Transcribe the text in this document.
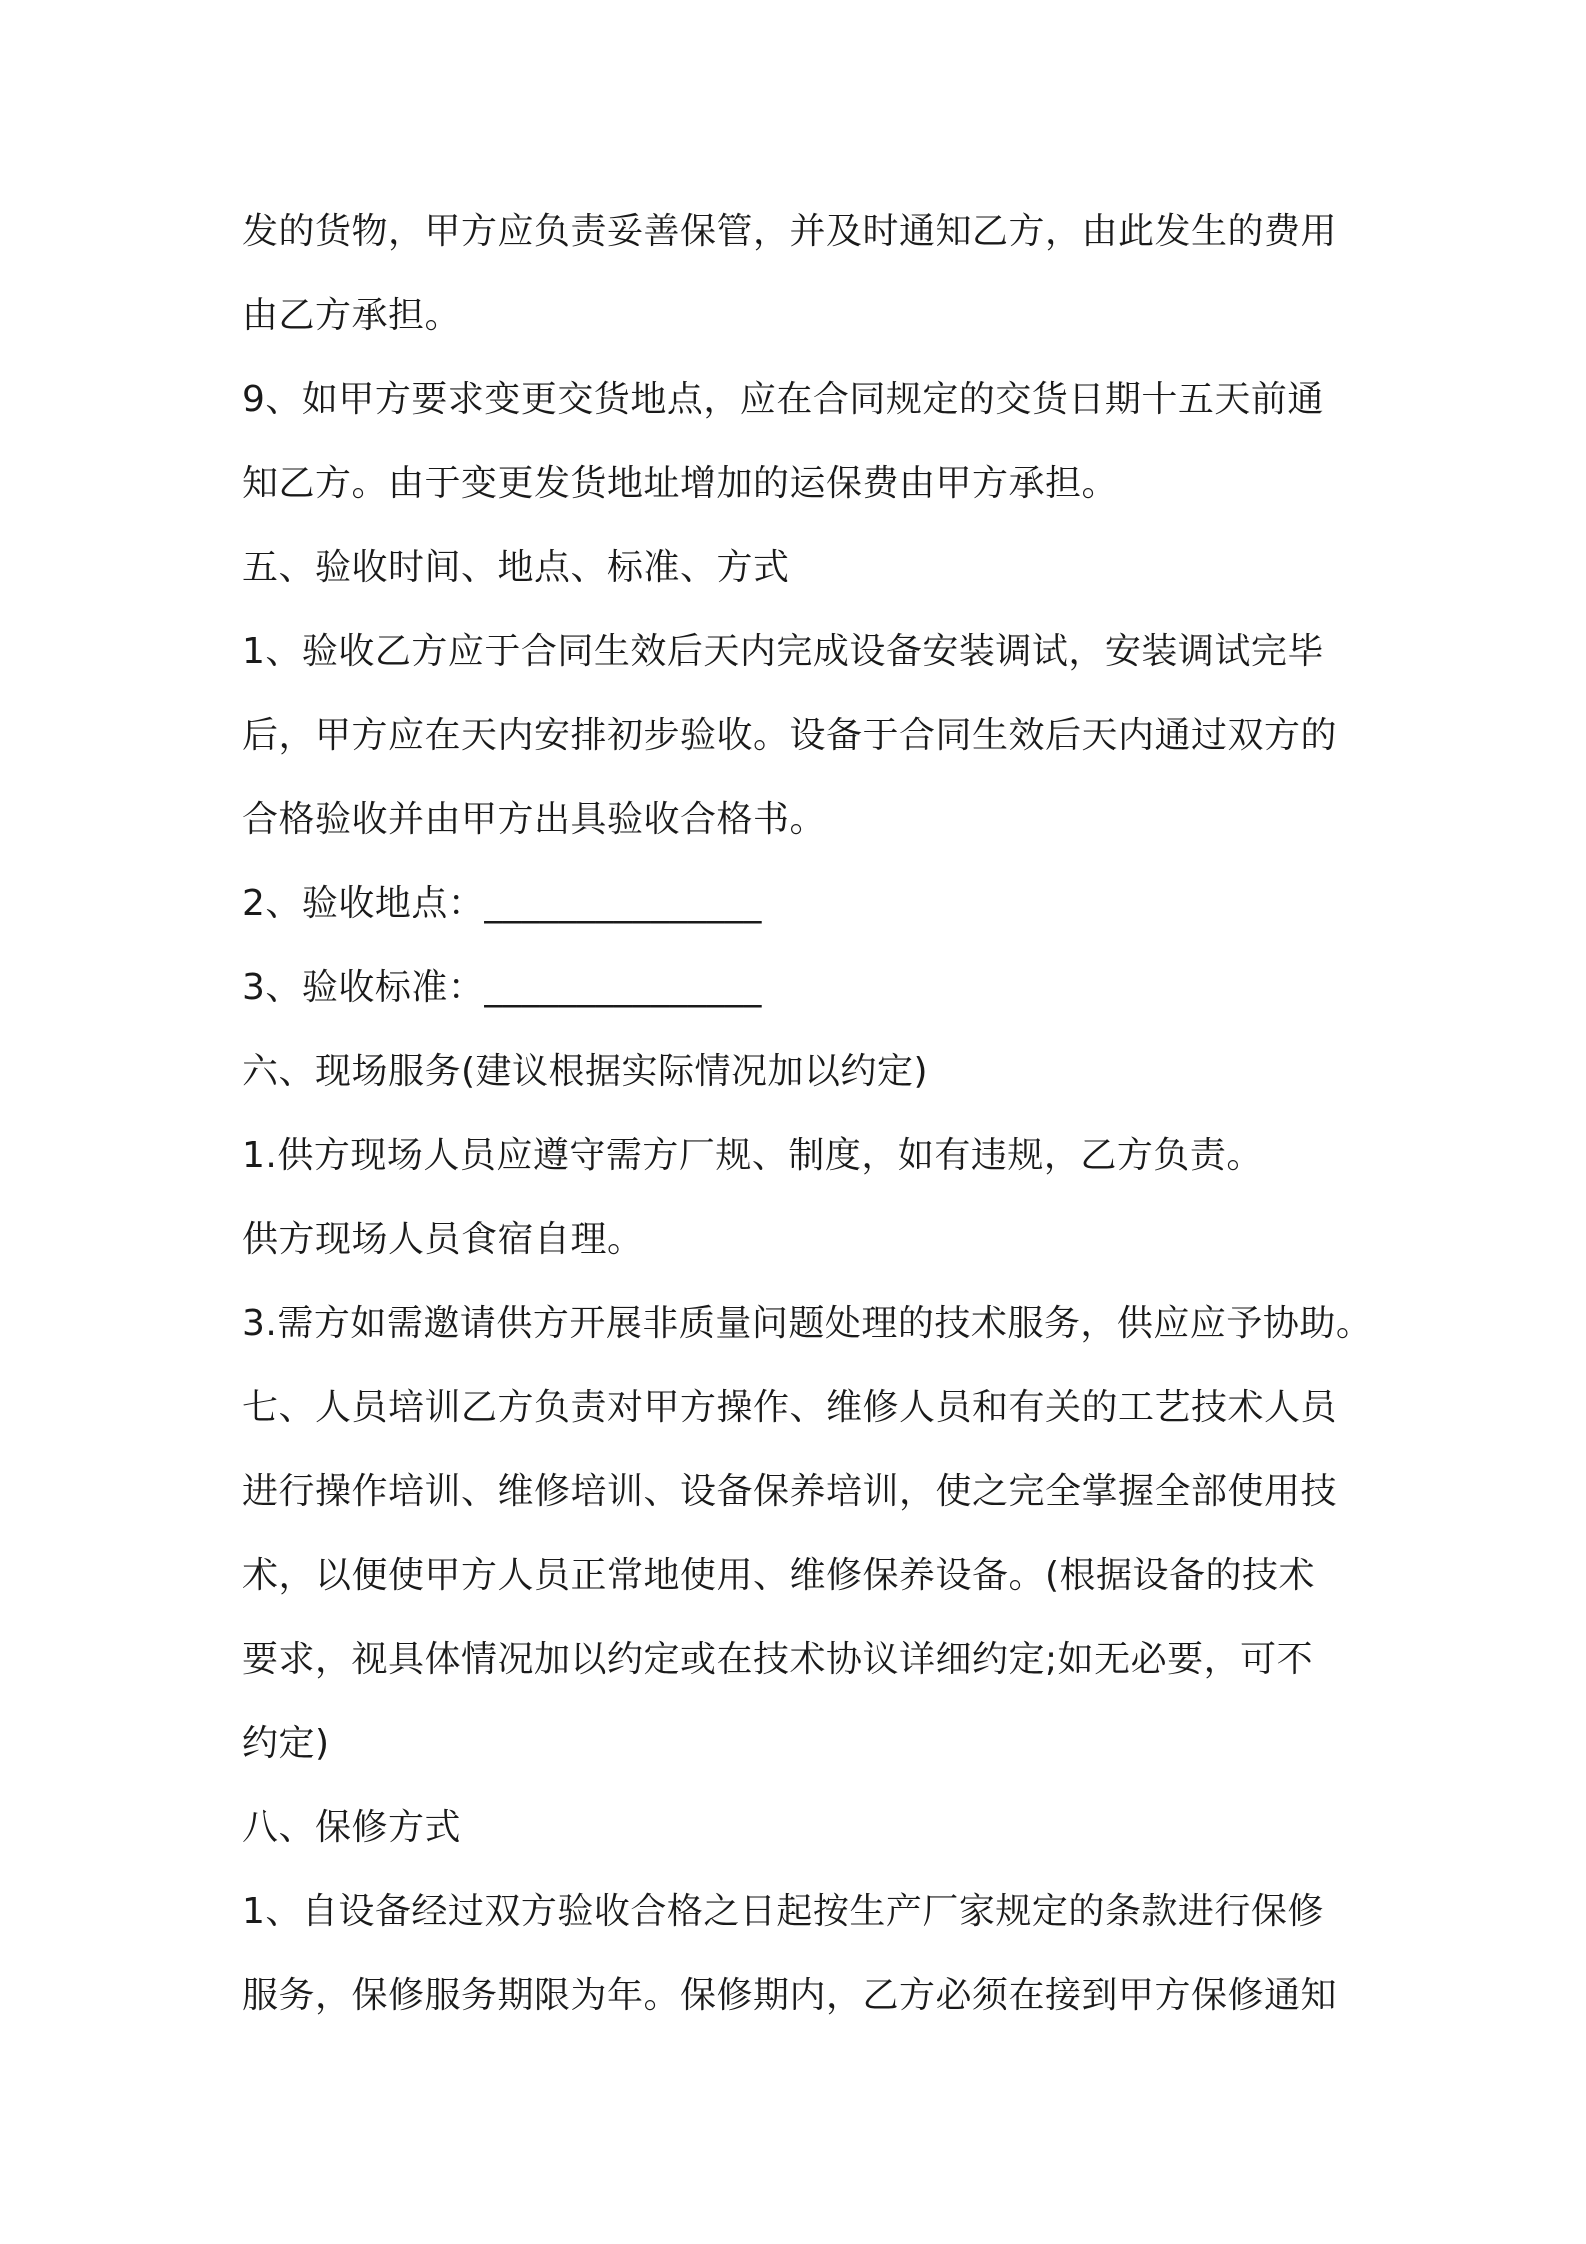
发的货物，甲方应负责妥善保管，并及时通知乙方，由此发生的费用
由乙方承担。
9、如甲方要求变更交货地点，应在合同规定的交货日期十五天前通
知乙方。由于变更发货地址增加的运保费由甲方承担。
五、验收时间、地点、标准、方式
1、验收乙方应于合同生效后天内完成设备安装调试，安装调试完毕
后，甲方应在天内安排初步验收。设备于合同生效后天内通过双方的
合格验收并由甲方出具验收合格书。
2、验收地点：_______________
3、验收标准：_______________
六、现场服务(建议根据实际情况加以约定)
1.供方现场人员应遵守需方厂规、制度，如有违规，乙方负责。
供方现场人员食宿自理。
3.需方如需邀请供方开展非质量问题处理的技术服务，供应应予协助。
七、人员培训乙方负责对甲方操作、维修人员和有关的工艺技术人员
进行操作培训、维修培训、设备保养培训，使之完全掌握全部使用技
术，以便使甲方人员正常地使用、维修保养设备。(根据设备的技术
要求，视具体情况加以约定或在技术协议详细约定;如无必要，可不
约定)
八、保修方式
1、自设备经过双方验收合格之日起按生产厂家规定的条款进行保修
服务，保修服务期限为年。保修期内，乙方必须在接到甲方保修通知
